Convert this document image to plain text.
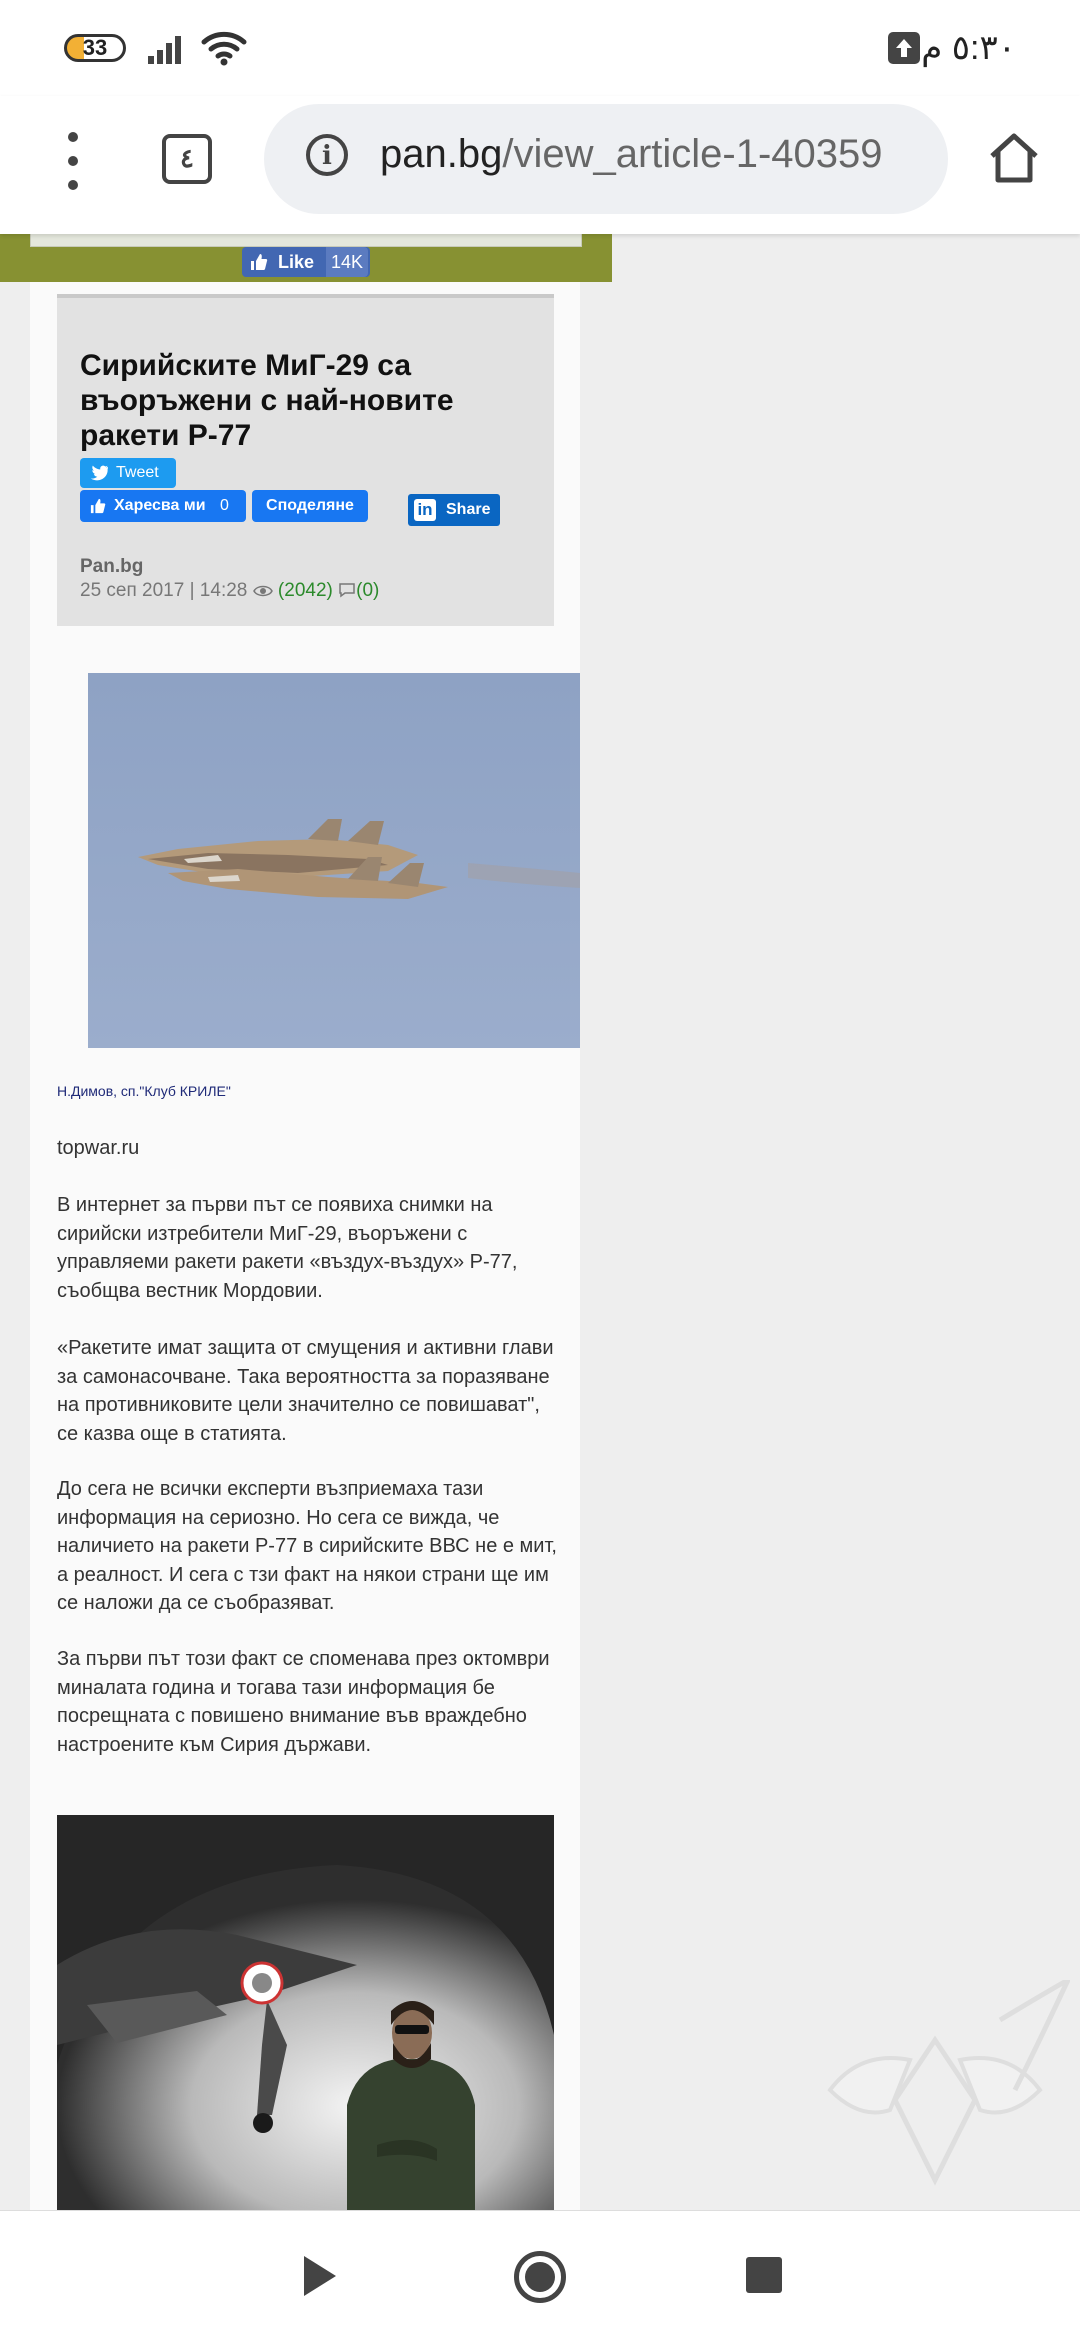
33	٥:٣٠ م
٤	i	pan.bg/view_article-1-40359
Like 14K
Сирийските МиГ-29 са въоръжени с най-новите ракети Р-77
Tweet
Харесва ми 0	Споделяне	in Share
Pan.bg
25 сеп 2017 | 14:28 (2042) (0)
Н.Димов, сп."Клуб КРИЛЕ"

topwar.ru

В интернет за първи път се появиха снимки на сирийски изтребители МиГ-29, въоръжени с управляеми ракети ракети «въздух-въздух» Р-77, съобщва вестник Мордовии.

«Ракетите имат защита от смущения и активни глави за самонасочване. Така вероятността за поразяване на противниковите цели значително се повишават", се казва още в статията.

До сега не всички експерти възприемаха тази информация на сериозно. Но сега се вижда, че наличието на ракети Р-77 в сирийските ВВС не е мит, а реалност. И сега с тзи факт на някои страни ще им се наложи да се съобразяват.

За първи път този факт се споменава през октомври миналата година и тогава тази информация бе посрещната с повишено внимание във враждебно настроените към Сирия държави.
